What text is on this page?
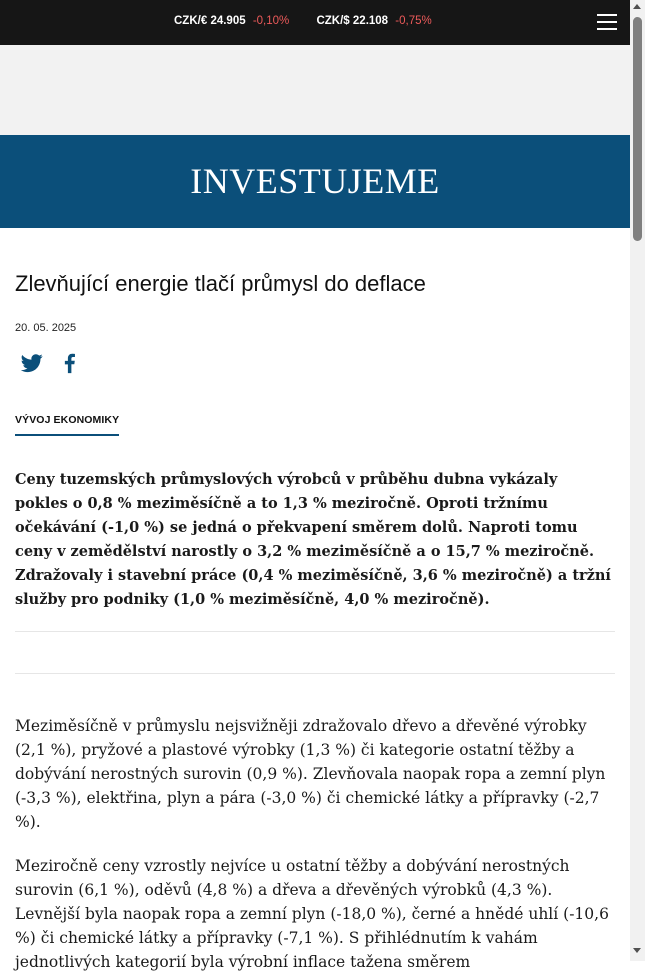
CZK/€ 24.905 -0,10% CZK/$ 22.108 -0,75%
INVESTUJEME
Zlevňující energie tlačí průmysl do deflace
20. 05. 2025

VÝVOJ EKONOMIKY

Ceny tuzemských průmyslových výrobců v průběhu dubna vykázaly pokles o 0,8 % meziměsíčně a to 1,3 % meziročně. Oproti tržnímu očekávání (-1,0 %) se jedná o překvapení směrem dolů. Naproti tomu ceny v zemědělství narostly o 3,2 % meziměsíčně a o 15,7 % meziročně. Zdražovaly i stavební práce (0,4 % meziměsíčně, 3,6 % meziročně) a tržní služby pro podniky (1,0 % meziměsíčně, 4,0 % meziročně).

Meziměsíčně v průmyslu nejsvižněji zdražovalo dřevo a dřevěné výrobky (2,1 %), pryžové a plastové výrobky (1,3 %) či kategorie ostatní těžby a dobývání nerostných surovin (0,9 %). Zlevňovala naopak ropa a zemní plyn (-3,3 %), elektřina, plyn a pára (-3,0 %) či chemické látky a přípravky (-2,7 %).

Meziročně ceny vzrostly nejvíce u ostatní těžby a dobývání nerostných surovin (6,1 %), oděvů (4,8 %) a dřeva a dřevěných výrobků (4,3 %). Levnější byla naopak ropa a zemní plyn (-18,0 %), černé a hnědé uhlí (-10,6 %) či chemické látky a přípravky (-7,1 %). S přihlédnutím k vahám jednotlivých kategorií byla výrobní inflace tažena směrem
